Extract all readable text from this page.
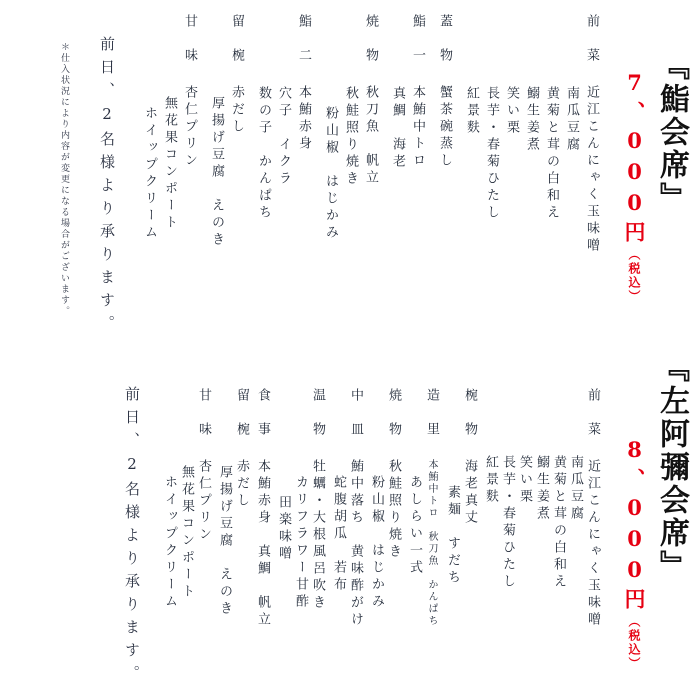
『鮨会席』
7、000円（税込）
前　菜近江こんにゃく玉味噌
南瓜豆腐
黄菊と茸の白和え
鰯生姜煮
笑い栗
長芋・春菊ひたし
紅景麩
蓋　物蟹茶碗蒸し
鮨　一本鮪中トロ
真鯛　海老
焼　物秋刀魚　帆立
秋鮭照り焼き
粉山椒　はじかみ
鮨　二本鮪赤身
穴子　イクラ
数の子　かんぱち
留　椀赤だし
厚揚げ豆腐　えのき
甘　味杏仁プリン
無花果コンポート
ホイップクリーム
前日、2名様より承ります。
＊仕入状況により内容が変更になる場合がございます。
『左阿彌会席』
8、000円（税込）
前　菜近江こんにゃく玉味噌
南瓜豆腐
黄菊と茸の白和え
鰯生姜煮
笑い栗
長芋・春菊ひたし
紅景麩
椀　物海老真丈
素麺　すだち
造　里本鮪中トロ　秋刀魚　かんぱち
あしらい一式
焼　物秋鮭照り焼き
粉山椒　はじかみ
中　皿鮪中落ち　黄味酢がけ
蛇腹胡瓜　若布
温　物牡蠣・大根風呂吹き
カリフラワー甘酢
田楽味噌
食　事本鮪赤身　真鯛　帆立
留　椀赤だし
厚揚げ豆腐　えのき
甘　味杏仁プリン
無花果コンポート
ホイップクリーム
前日、2名様より承ります。
